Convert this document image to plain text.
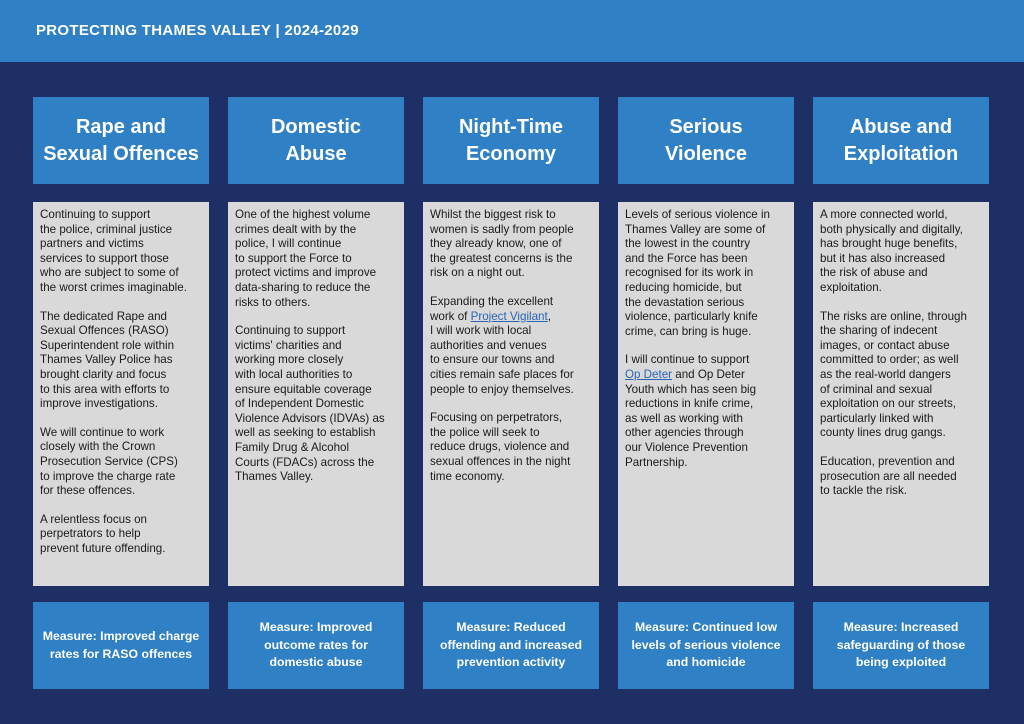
PROTECTING THAMES VALLEY | 2024-2029
Rape and
Sexual Offences

Continuing to support
the police, criminal justice
partners and victims
services to support those
who are subject to some of
the worst crimes imaginable.

The dedicated Rape and
Sexual Offences (RASO)
Superintendent role within
Thames Valley Police has
brought clarity and focus
to this area with efforts to
improve investigations.

We will continue to work
closely with the Crown
Prosecution Service (CPS)
to improve the charge rate
for these offences.

A relentless focus on
perpetrators to help
prevent future offending.

Measure: Improved charge rates for RASO offences
Domestic
Abuse

One of the highest volume
crimes dealt with by the
police, I will continue
to support the Force to
protect victims and improve
data-sharing to reduce the
risks to others.

Continuing to support
victims' charities and
working more closely
with local authorities to
ensure equitable coverage
of Independent Domestic
Violence Advisors (IDVAs) as
well as seeking to establish
Family Drug & Alcohol
Courts (FDACs) across the
Thames Valley.

Measure: Improved outcome rates for domestic abuse
Night-Time
Economy

Whilst the biggest risk to
women is sadly from people
they already know, one of
the greatest concerns is the
risk on a night out.

Expanding the excellent
work of Project Vigilant,
I will work with local
authorities and venues
to ensure our towns and
cities remain safe places for
people to enjoy themselves.

Focusing on perpetrators,
the police will seek to
reduce drugs, violence and
sexual offences in the night
time economy.

Measure: Reduced offending and increased prevention activity
Serious
Violence

Levels of serious violence in
Thames Valley are some of
the lowest in the country
and the Force has been
recognised for its work in
reducing homicide, but
the devastation serious
violence, particularly knife
crime, can bring is huge.

I will continue to support
Op Deter and Op Deter
Youth which has seen big
reductions in knife crime,
as well as working with
other agencies through
our Violence Prevention
Partnership.

Measure: Continued low levels of serious violence and homicide
Abuse and
Exploitation

A more connected world,
both physically and digitally,
has brought huge benefits,
but it has also increased
the risk of abuse and
exploitation.

The risks are online, through
the sharing of indecent
images, or contact abuse
committed to order; as well
as the real-world dangers
of criminal and sexual
exploitation on our streets,
particularly linked with
county lines drug gangs.

Education, prevention and
prosecution are all needed
to tackle the risk.

Measure: Increased safeguarding of those being exploited
